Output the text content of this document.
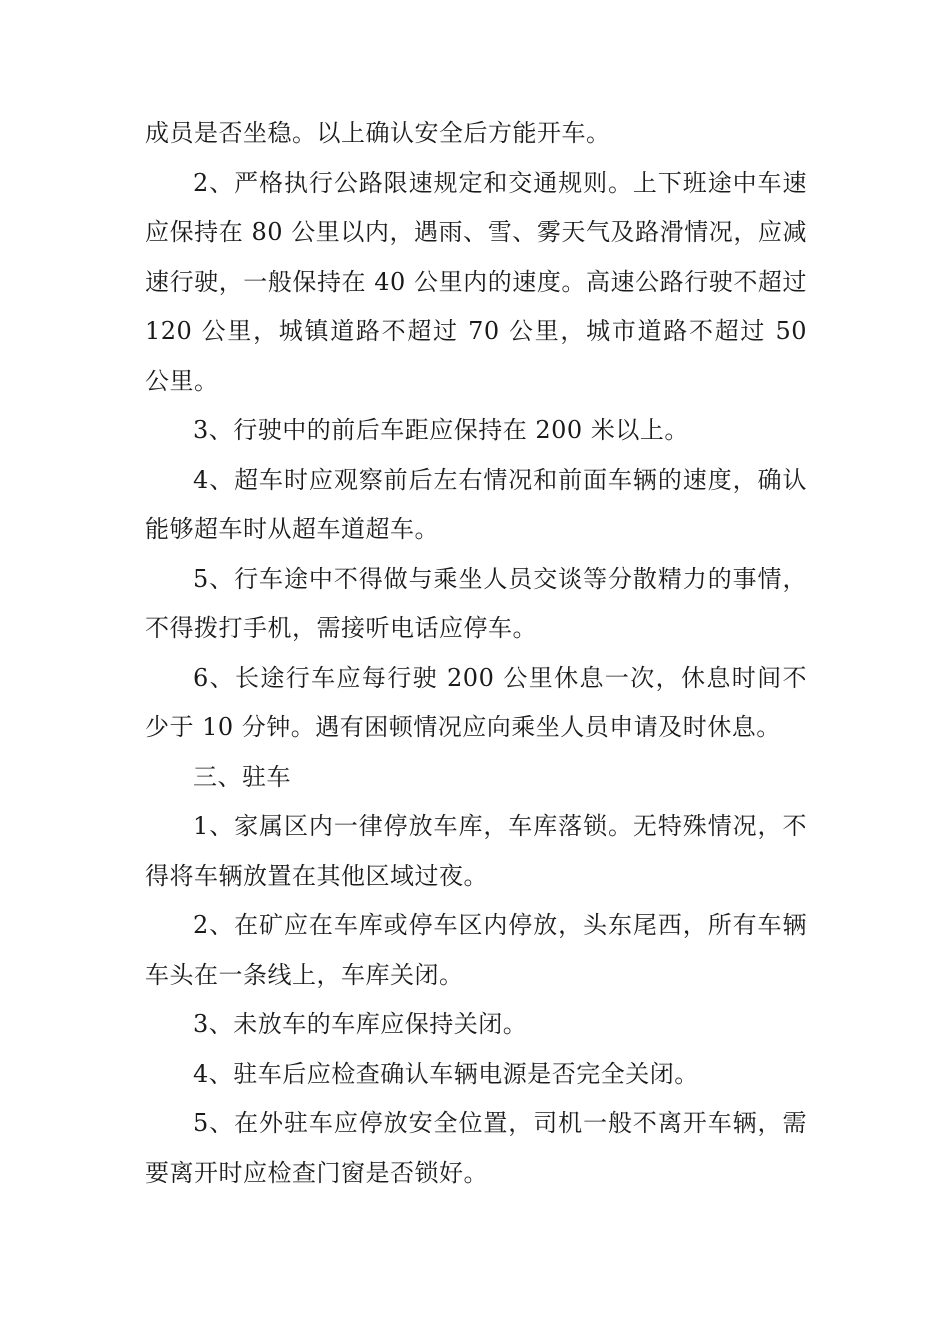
成员是否坐稳。以上确认安全后方能开车。

2、严格执行公路限速规定和交通规则。上下班途中车速应保持在 80 公里以内，遇雨、雪、雾天气及路滑情况，应减速行驶，一般保持在 40 公里内的速度。高速公路行驶不超过 120 公里，城镇道路不超过 70 公里，城市道路不超过 50 公里。

3、行驶中的前后车距应保持在 200 米以上。

4、超车时应观察前后左右情况和前面车辆的速度，确认能够超车时从超车道超车。

5、行车途中不得做与乘坐人员交谈等分散精力的事情，不得拨打手机，需接听电话应停车。

6、长途行车应每行驶 200 公里休息一次，休息时间不少于 10 分钟。遇有困顿情况应向乘坐人员申请及时休息。

三、驻车

1、家属区内一律停放车库，车库落锁。无特殊情况，不得将车辆放置在其他区域过夜。

2、在矿应在车库或停车区内停放，头东尾西，所有车辆车头在一条线上，车库关闭。

3、未放车的车库应保持关闭。

4、驻车后应检查确认车辆电源是否完全关闭。

5、在外驻车应停放安全位置，司机一般不离开车辆，需要离开时应检查门窗是否锁好。
